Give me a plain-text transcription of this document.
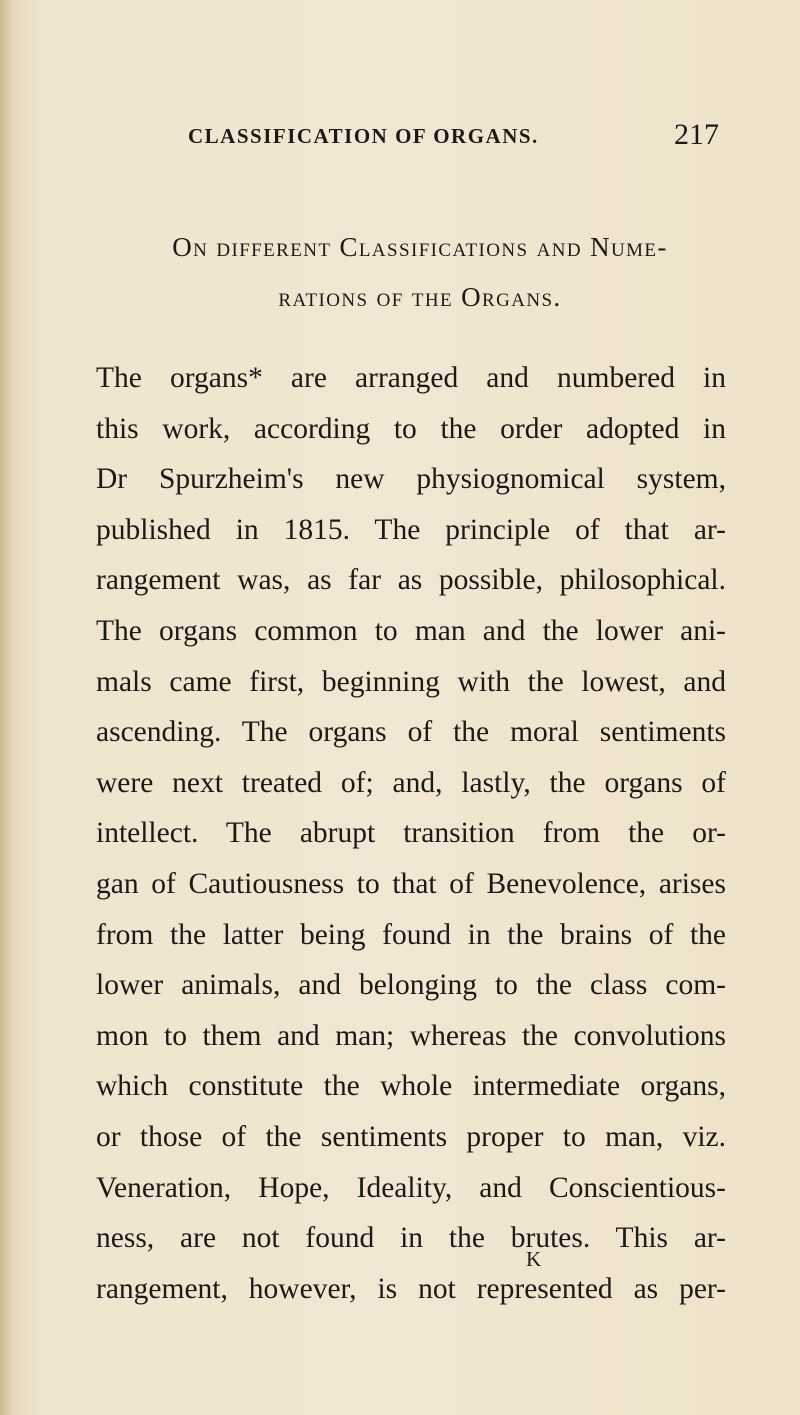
CLASSIFICATION OF ORGANS.	217
On different Classifications and Nume-
rations of the Organs.
The organs* are arranged and numbered in
this work, according to the order adopted in
Dr Spurzheim's new physiognomical system,
published in 1815. The principle of that ar-
rangement was, as far as possible, philosophical.
The organs common to man and the lower ani-
mals came first, beginning with the lowest, and
ascending. The organs of the moral sentiments
were next treated of; and, lastly, the organs of
intellect. The abrupt transition from the or-
gan of Cautiousness to that of Benevolence, arises
from the latter being found in the brains of the
lower animals, and belonging to the class com-
mon to them and man; whereas the convolutions
which constitute the whole intermediate organs,
or those of the sentiments proper to man, viz.
Veneration, Hope, Ideality, and Conscientious-
ness, are not found in the brutes. This ar-
rangement, however, is not represented as per-
K
